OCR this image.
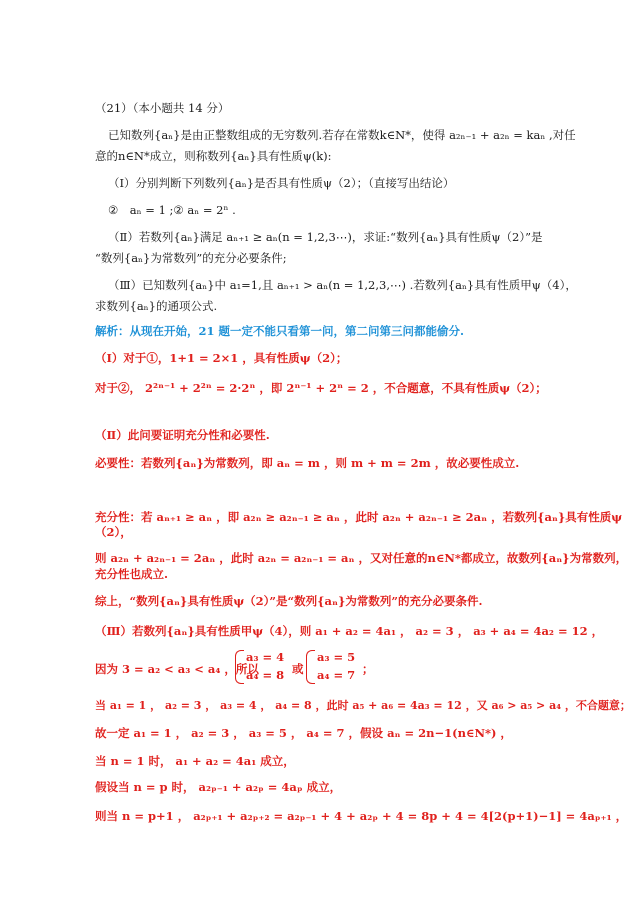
（21）（本小题共 14 分）
已知数列{aₙ}是由正整数组成的无穷数列.若存在常数k∈N*，使得 a₂ₙ₋₁ + a₂ₙ = kaₙ ,对任
意的n∈N*成立，则称数列{aₙ}具有性质ψ(k):
（Ⅰ）分别判断下列数列{aₙ}是否具有性质ψ（2）；（直接写出结论）
②　aₙ = 1 ;② aₙ = 2ⁿ .
（Ⅱ）若数列{aₙ}满足 aₙ₊₁ ≥ aₙ(n = 1,2,3⋯)，求证:“数列{aₙ}具有性质ψ（2）”是
“数列{aₙ}为常数列”的充分必要条件;
（Ⅲ）已知数列{aₙ}中 a₁=1,且 aₙ₊₁ > aₙ(n = 1,2,3,⋯) .若数列{aₙ}具有性质甲ψ（4），
求数列{aₙ}的通项公式.
解析：从现在开始，21 题一定不能只看第一问，第二问第三问都能偷分.
（Ⅰ）对于①，1+1 = 2×1 ，具有性质ψ（2）；
对于②， 2²ⁿ⁻¹ + 2²ⁿ = 2·2ⁿ ，即 2ⁿ⁻¹ + 2ⁿ = 2 ，不合题意，不具有性质ψ（2）；
（Ⅱ）此问要证明充分性和必要性.
必要性：若数列{aₙ}为常数列，即 aₙ = m ，则 m + m = 2m ，故必要性成立.
充分性：若 aₙ₊₁ ≥ aₙ ，即 a₂ₙ ≥ a₂ₙ₋₁ ≥ aₙ ，此时 a₂ₙ + a₂ₙ₋₁ ≥ 2aₙ ，若数列{aₙ}具有性质ψ
（2），
则 a₂ₙ + a₂ₙ₋₁ = 2aₙ ，此时 a₂ₙ = a₂ₙ₋₁ = aₙ ，又对任意的n∈N*都成立，故数列{aₙ}为常数列，
充分性也成立.
综上，“数列{aₙ}具有性质ψ（2）”是“数列{aₙ}为常数列”的充分必要条件.
（Ⅲ）若数列{aₙ}具有性质甲ψ（4），则 a₁ + a₂ = 4a₁ ， a₂ = 3 ， a₃ + a₄ = 4a₂ = 12 ，
因为 3 = a₂ < a₃ < a₄ ，所以
a₃ = 4
a₄ = 8 或
a₃ = 5
a₄ = 7 ；
当 a₁ = 1 ， a₂ = 3 ， a₃ = 4 ， a₄ = 8 ，此时 a₅ + a₆ = 4a₃ = 12 ，又 a₆ > a₅ > a₄ ，不合题意；
故一定 a₁ = 1 ， a₂ = 3 ， a₃ = 5 ， a₄ = 7 ，假设 aₙ = 2n−1(n∈N*) ，
当 n = 1 时， a₁ + a₂ = 4a₁ 成立，
假设当 n = p 时， a₂ₚ₋₁ + a₂ₚ = 4aₚ 成立，
则当 n = p+1 ， a₂ₚ₊₁ + a₂ₚ₊₂ = a₂ₚ₋₁ + 4 + a₂ₚ + 4 = 8p + 4 = 4[2(p+1)−1] = 4aₚ₊₁ ，
